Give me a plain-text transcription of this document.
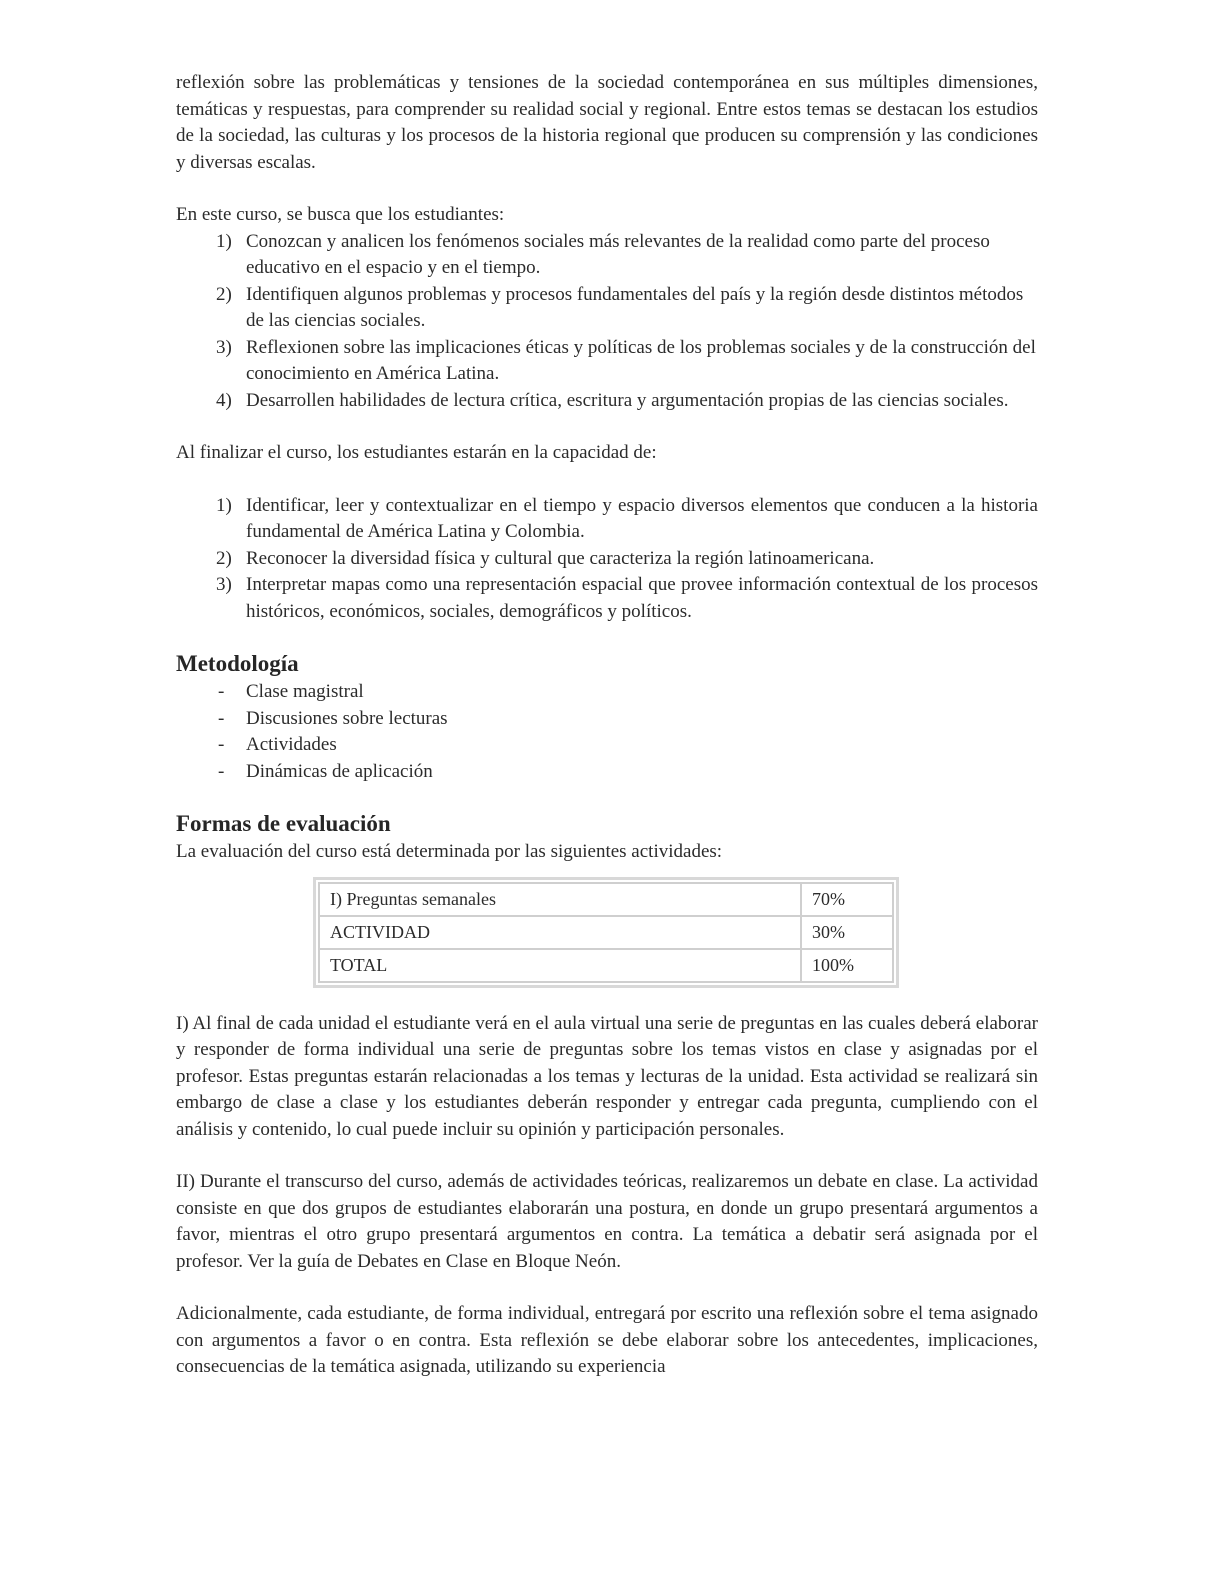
reflexión sobre las problemáticas y tensiones de la sociedad contemporánea en sus múltiples dimensiones, temáticas y respuestas, para comprender su realidad social y regional. Entre estos temas se destacan los estudios de la sociedad, las culturas y los procesos de la historia regional que producen su comprensión y las condiciones y diversas escalas.

En este curso, se busca que los estudiantes:

1) Conozcan y analicen los fenómenos sociales más relevantes de la realidad como parte del proceso educativo en el espacio y en el tiempo.
2) Identifiquen algunos problemas y procesos fundamentales del país y la región desde distintos métodos de las ciencias sociales.
3) Reflexionen sobre las implicaciones éticas y políticas de los problemas sociales y de la construcción del conocimiento en América Latina.
4) Desarrollen habilidades de lectura crítica, escritura y argumentación propias de las ciencias sociales.

Al finalizar el curso, los estudiantes estarán en la capacidad de:

1) Identificar, leer y contextualizar en el tiempo y espacio diversos elementos que conducen a la historia fundamental de América Latina y Colombia.
2) Reconocer la diversidad física y cultural que caracteriza la región latinoamericana.
3) Interpretar mapas como una representación espacial que provee información contextual de los procesos históricos, económicos, sociales, demográficos y políticos.
Metodología
- Clase magistral
- Discusiones sobre lecturas
- Actividades
- Dinámicas de aplicación
Formas de evaluación

La evaluación del curso está determinada por las siguientes actividades:

I) Preguntas semanales	70%
ACTIVIDAD	30%
TOTAL	100%

I) Al final de cada unidad el estudiante verá en el aula virtual una serie de preguntas en las cuales deberá elaborar y responder de forma individual una serie de preguntas sobre los temas vistos en clase y asignadas por el profesor. Estas preguntas estarán relacionadas a los temas y lecturas de la unidad. Esta actividad se realizará sin embargo de clase a clase y los estudiantes deberán responder y entregar cada pregunta, cumpliendo con el análisis y contenido, lo cual puede incluir su opinión y participación personales.

II) Durante el transcurso del curso, además de actividades teóricas, realizaremos un debate en clase. La actividad consiste en que dos grupos de estudiantes elaborarán una postura, en donde un grupo presentará argumentos a favor, mientras el otro grupo presentará argumentos en contra. La temática a debatir será asignada por el profesor. Ver la guía de Debates en Clase en Bloque Neón.

Adicionalmente, cada estudiante, de forma individual, entregará por escrito una reflexión sobre el tema asignado con argumentos a favor o en contra. Esta reflexión se debe elaborar sobre los antecedentes, implicaciones, consecuencias de la temática asignada, utilizando su experiencia
